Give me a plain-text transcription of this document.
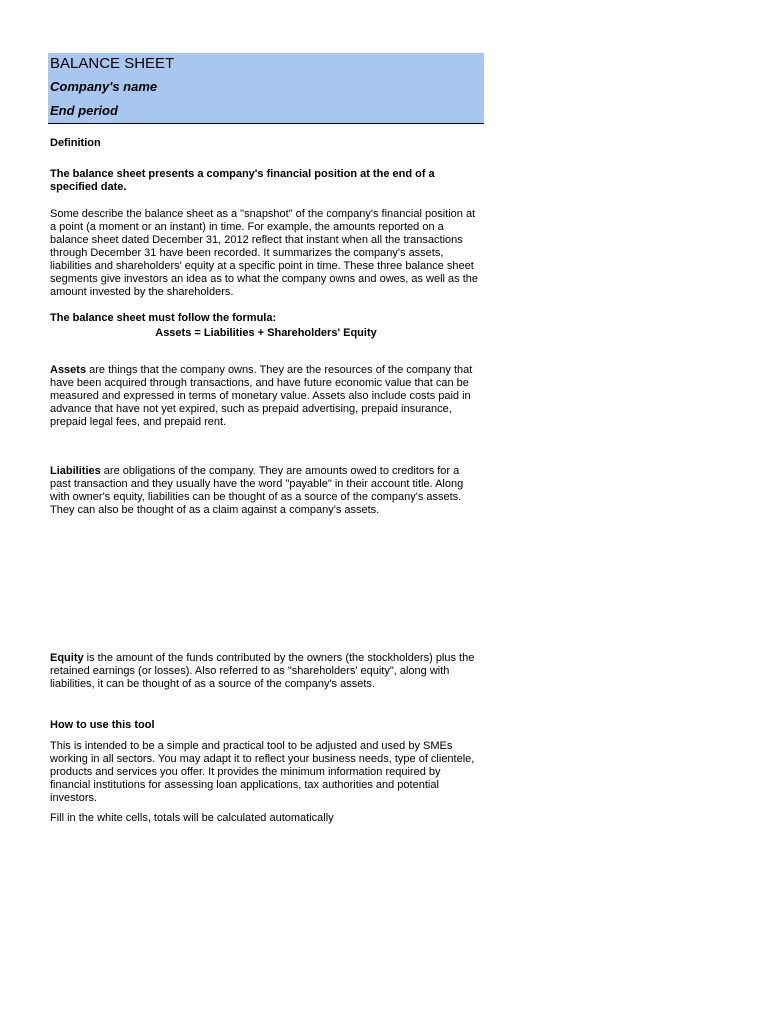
BALANCE SHEET
Company's name
End period
Definition
The balance sheet presents a company's financial position at the end of a specified date.
Some describe the balance sheet as a "snapshot" of the company's financial position at a point (a moment or an instant) in time. For example, the amounts reported on a balance sheet dated December 31, 2012 reflect that instant when all the transactions through December 31 have been recorded. It summarizes the company's assets, liabilities and shareholders' equity at a specific point in time. These three balance sheet segments give investors an idea as to what the company owns and owes, as well as the amount invested by the shareholders.
The balance sheet must follow the formula:
Assets = Liabilities + Shareholders' Equity
Assets are things that the company owns. They are the resources of the company that have been acquired through transactions, and have future economic value that can be measured and expressed in terms of monetary value. Assets also include costs paid in advance that have not yet expired, such as prepaid advertising, prepaid insurance, prepaid legal fees, and prepaid rent.
Liabilities are obligations of the company. They are amounts owed to creditors for a past transaction and they usually have the word "payable" in their account title. Along with owner's equity, liabilities can be thought of as a source of the company's assets. They can also be thought of as a claim against a company's assets.
Equity is the amount of the funds contributed by the owners (the stockholders) plus the retained earnings (or losses). Also referred to as "shareholders' equity", along with liabilities, it can be thought of as a source of the company's assets.
How to use this tool
This is intended to be a simple and practical tool to be adjusted and used by SMEs working in all sectors. You may adapt it to reflect your business needs, type of clientele, products and services you offer. It provides the minimum information required by financial institutions for assessing loan applications, tax authorities and potential investors.
Fill in the white cells, totals will be calculated automatically
